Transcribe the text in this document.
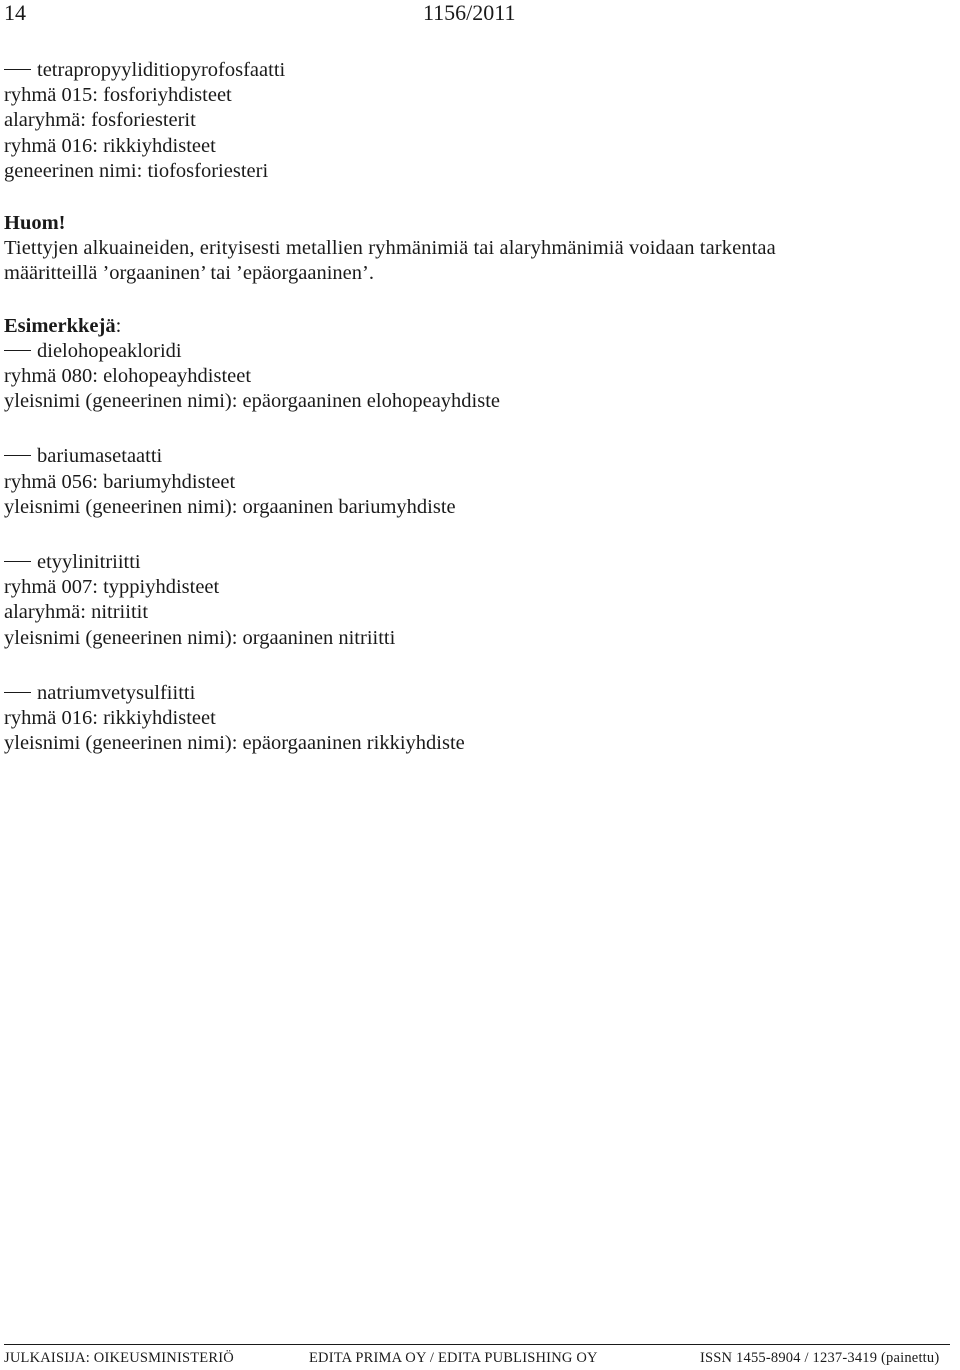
14	1156/2011
tetrapropyyliditiopyrofosfaatti
ryhmä 015: fosforiyhdisteet
alaryhmä: fosforiesterit
ryhmä 016: rikkiyhdisteet
geneerinen nimi: tiofosforiesteri
Huom!
Tiettyjen alkuaineiden, erityisesti metallien ryhmänimiä tai alaryhmänimiä voidaan tarkentaa
määritteillä ’orgaaninen’ tai ’epäorgaaninen’.
Esimerkkejä:
dielohopeakloridi
ryhmä 080: elohopeayhdisteet
yleisnimi (geneerinen nimi): epäorgaaninen elohopeayhdiste
bariumasetaatti
ryhmä 056: bariumyhdisteet
yleisnimi (geneerinen nimi): orgaaninen bariumyhdiste
etyylinitriitti
ryhmä 007: typpiyhdisteet
alaryhmä: nitriitit
yleisnimi (geneerinen nimi): orgaaninen nitriitti
natriumvetysulfiitti
ryhmä 016: rikkiyhdisteet
yleisnimi (geneerinen nimi): epäorgaaninen rikkiyhdiste
JULKAISIJA: OIKEUSMINISTERIÖ	EDITA PRIMA OY / EDITA PUBLISHING OY	ISSN 1455-8904 / 1237-3419 (painettu)
